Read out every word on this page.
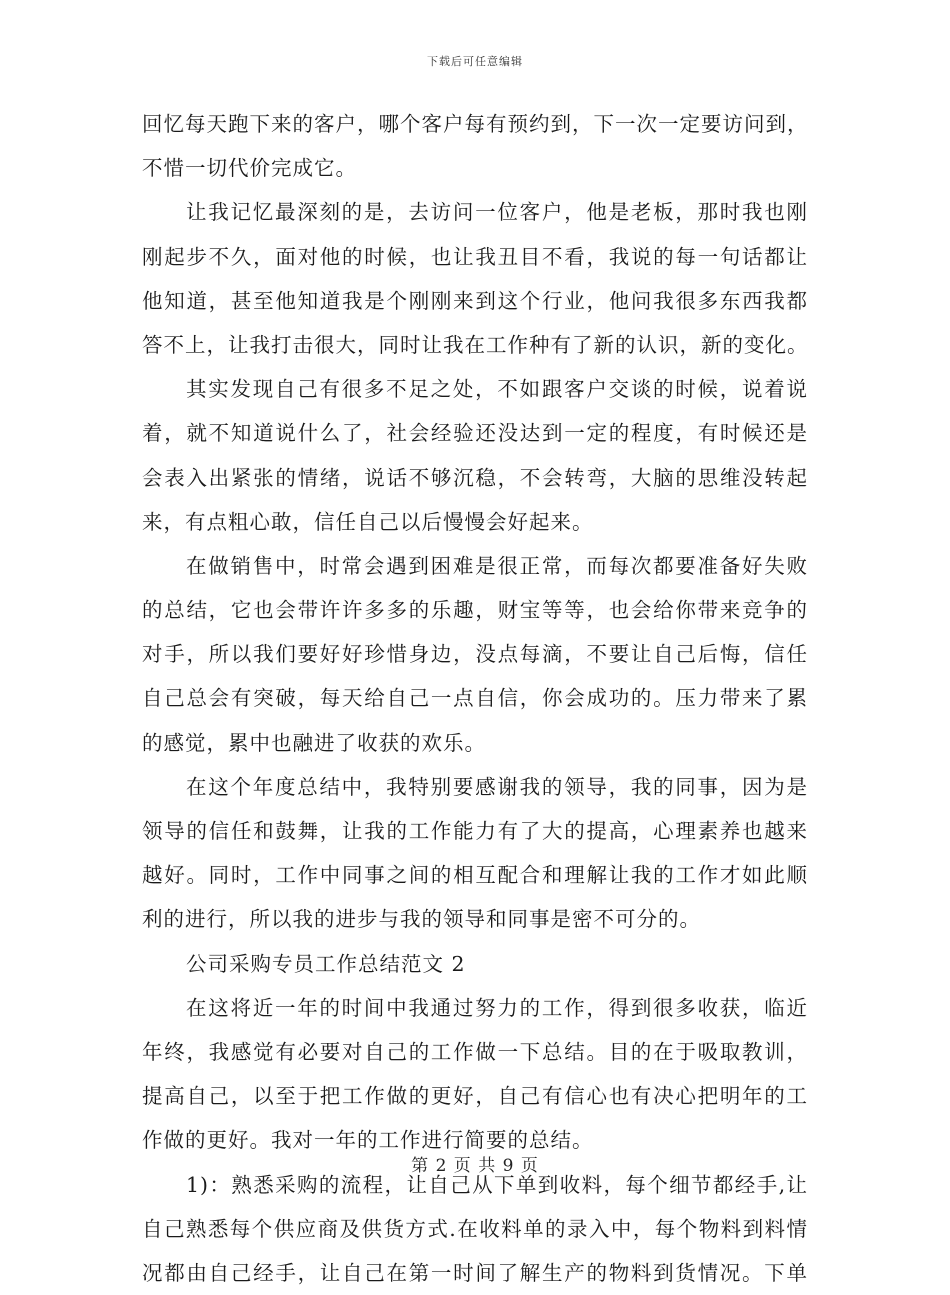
下载后可任意编辑
回忆每天跑下来的客户，哪个客户每有预约到，下一次一定要访问到，
不惜一切代价完成它。
让我记忆最深刻的是，去访问一位客户，他是老板，那时我也刚
刚起步不久，面对他的时候，也让我丑目不看，我说的每一句话都让
他知道，甚至他知道我是个刚刚来到这个行业，他问我很多东西我都
答不上，让我打击很大，同时让我在工作种有了新的认识，新的变化。
其实发现自己有很多不足之处，不如跟客户交谈的时候，说着说
着，就不知道说什么了，社会经验还没达到一定的程度，有时候还是
会表入出紧张的情绪，说话不够沉稳，不会转弯，大脑的思维没转起
来，有点粗心敢，信任自己以后慢慢会好起来。
在做销售中，时常会遇到困难是很正常，而每次都要准备好失败
的总结，它也会带许许多多的乐趣，财宝等等，也会给你带来竞争的
对手，所以我们要好好珍惜身边，没点每滴，不要让自己后悔，信任
自己总会有突破，每天给自己一点自信，你会成功的。压力带来了累
的感觉，累中也融进了收获的欢乐。
在这个年度总结中，我特别要感谢我的领导，我的同事，因为是
领导的信任和鼓舞，让我的工作能力有了大的提高，心理素养也越来
越好。同时，工作中同事之间的相互配合和理解让我的工作才如此顺
利的进行，所以我的进步与我的领导和同事是密不可分的。
公司采购专员工作总结范文 2
在这将近一年的时间中我通过努力的工作，得到很多收获，临近
年终，我感觉有必要对自己的工作做一下总结。目的在于吸取教训，
提高自己，以至于把工作做的更好，自己有信心也有决心把明年的工
作做的更好。我对一年的工作进行简要的总结。
1)：熟悉采购的流程，让自己从下单到收料，每个细节都经手,让
自己熟悉每个供应商及供货方式.在收料单的录入中，每个物料到料情
况都由自己经手，让自己在第一时间了解生产的物料到货情况。下单
第 2 页 共 9 页
